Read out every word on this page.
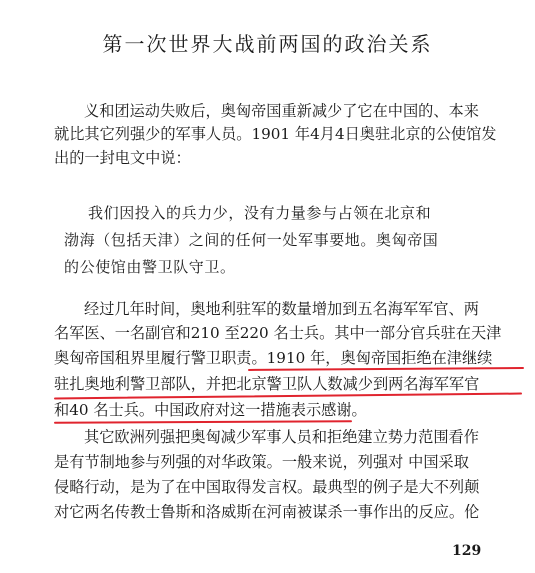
第一次世界大战前两国的政治关系
义和团运动失败后，奥匈帝国重新减少了它在中国的、本来
就比其它列强少的军事人员。1901 年4月4日奥驻北京的公使馆发
出的一封电文中说：
我们因投入的兵力少，没有力量参与占领在北京和
渤海（包括天津）之间的任何一处军事要地。奥匈帝国
的公使馆由警卫队守卫。
经过几年时间，奥地利驻军的数量增加到五名海军军官、两
名军医、一名副官和210 至220 名士兵。其中一部分官兵驻在天津
奥匈帝国租界里履行警卫职责。1910 年，奥匈帝国拒绝在津继续
驻扎奥地利警卫部队，并把北京警卫队人数减少到两名海军军官
和40 名士兵。中国政府对这一措施表示感谢。
其它欧洲列强把奥匈减少军事人员和拒绝建立势力范围看作
是有节制地参与列强的对华政策。一般来说，列强对 中国采取
侵略行动，是为了在中国取得发言权。最典型的例子是大不列颠
对它两名传教士鲁斯和洛威斯在河南被谋杀一事作出的反应。伦
129
